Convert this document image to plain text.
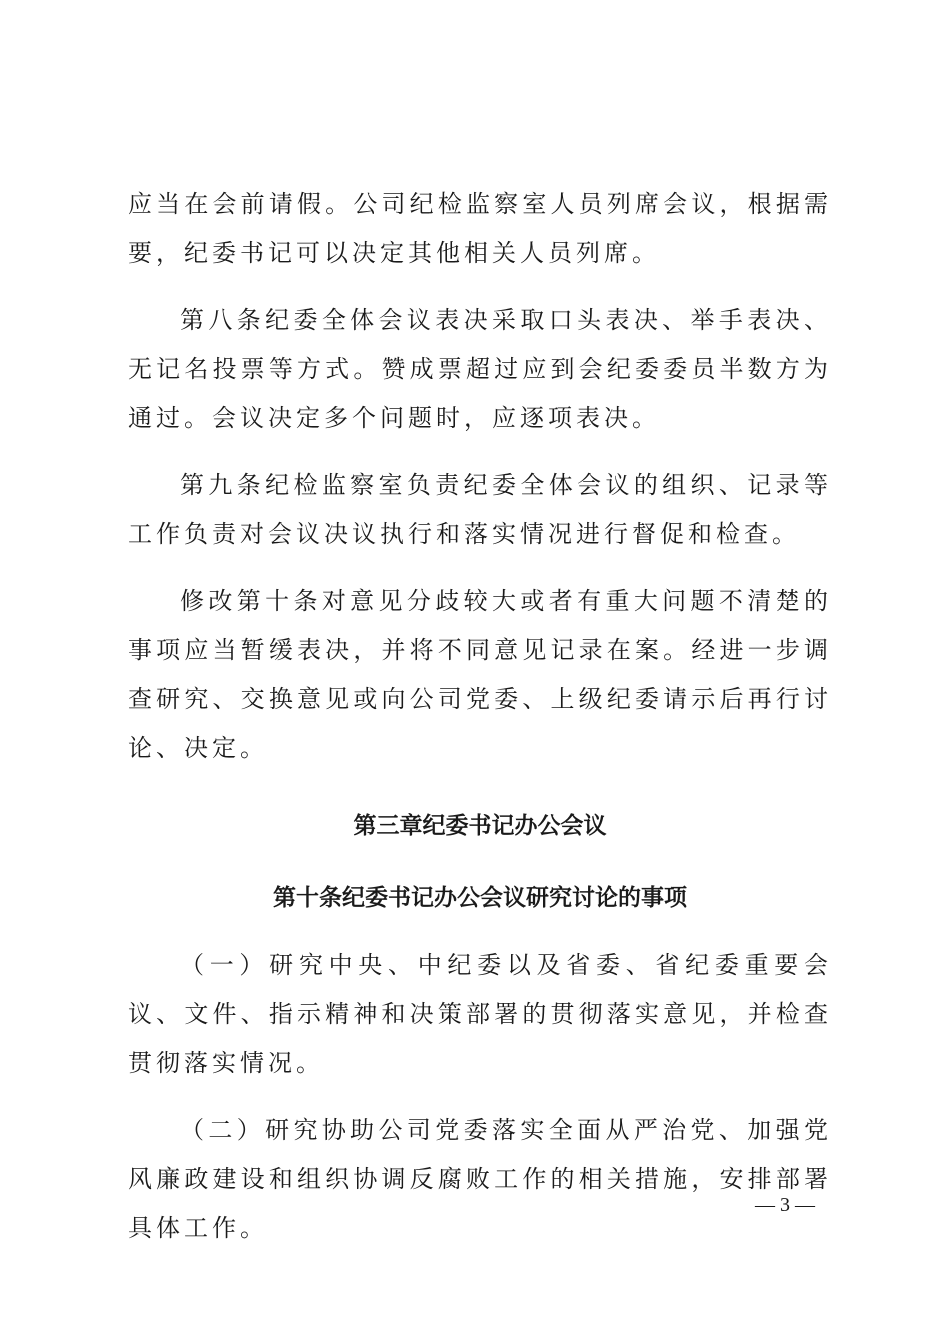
应当在会前请假。公司纪检监察室人员列席会议，根据需要，纪委书记可以决定其他相关人员列席。

第八条纪委全体会议表决采取口头表决、举手表决、无记名投票等方式。赞成票超过应到会纪委委员半数方为通过。会议决定多个问题时，应逐项表决。

第九条纪检监察室负责纪委全体会议的组织、记录等工作负责对会议决议执行和落实情况进行督促和检查。

修改第十条对意见分歧较大或者有重大问题不清楚的事项应当暂缓表决，并将不同意见记录在案。经进一步调查研究、交换意见或向公司党委、上级纪委请示后再行讨论、决定。

第三章纪委书记办公会议
第十条纪委书记办公会议研究讨论的事项

（一）研究中央、中纪委以及省委、省纪委重要会议、文件、指示精神和决策部署的贯彻落实意见，并检查贯彻落实情况。

（二）研究协助公司党委落实全面从严治党、加强党风廉政建设和组织协调反腐败工作的相关措施，安排部署具体工作。

— 3 —
